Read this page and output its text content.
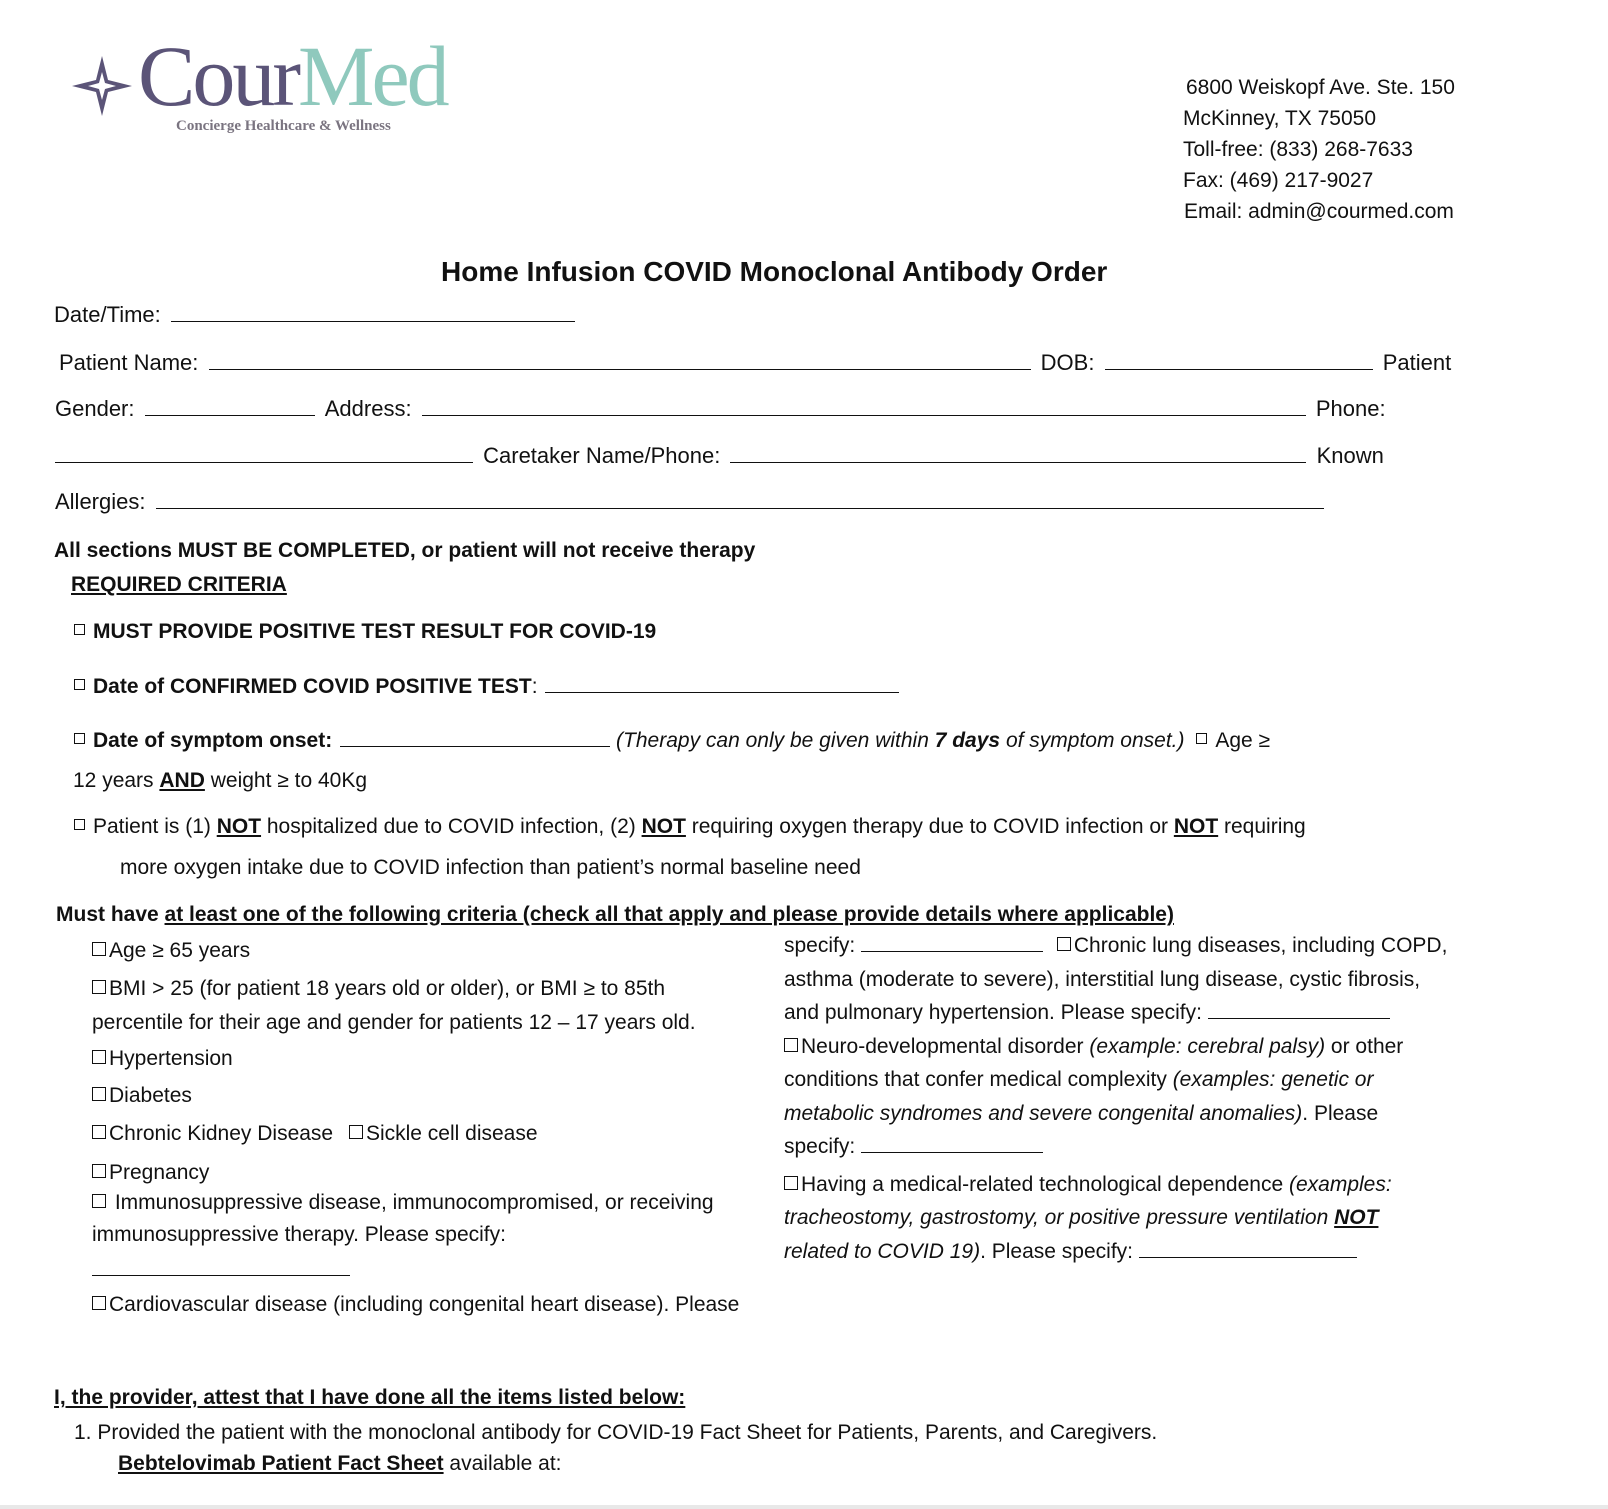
CourMed
Concierge Healthcare & Wellness
6800 Weiskopf Ave. Ste. 150
McKinney, TX 75050
Toll-free: (833) 268-7633
Fax: (469) 217-9027
Email: admin@courmed.com
Home Infusion COVID Monoclonal Antibody Order
Date/Time:
Patient Name:	DOB:	Patient
Gender:	Address:	Phone:
Caretaker Name/Phone:	Known
Allergies:
All sections MUST BE COMPLETED, or patient will not receive therapy
REQUIRED CRITERIA
MUST PROVIDE POSITIVE TEST RESULT FOR COVID-19
Date of CONFIRMED COVID POSITIVE TEST:
Date of symptom onset:	(Therapy can only be given within 7 days of symptom onset.) Age ≥
12 years AND weight ≥ to 40Kg
Patient is (1) NOT hospitalized due to COVID infection, (2) NOT requiring oxygen therapy due to COVID infection or NOT requiring
more oxygen intake due to COVID infection than patient’s normal baseline need
Must have at least one of the following criteria (check all that apply and please provide details where applicable)
Age ≥ 65 years
BMI > 25 (for patient 18 years old or older), or BMI ≥ to 85th
percentile for their age and gender for patients 12 – 17 years old.
Hypertension
Diabetes
Chronic Kidney Disease Sickle cell disease
Pregnancy
Immunosuppressive disease, immunocompromised, or receiving
immunosuppressive therapy. Please specify:

Cardiovascular disease (including congenital heart disease). Please

specify:	Chronic lung diseases, including COPD,

asthma (moderate to severe), interstitial lung disease, cystic fibrosis,

and pulmonary hypertension. Please specify:

Neuro-developmental disorder (example: cerebral palsy) or other

conditions that confer medical complexity (examples: genetic or

metabolic syndromes and severe congenital anomalies). Please

specify:

Having a medical-related technological dependence (examples:

tracheostomy, gastrostomy, or positive pressure ventilation NOT

related to COVID 19). Please specify:

I, the provider, attest that I have done all the items listed below:
1. Provided the patient with the monoclonal antibody for COVID-19 Fact Sheet for Patients, Parents, and Caregivers.
Bebtelovimab Patient Fact Sheet available at:
